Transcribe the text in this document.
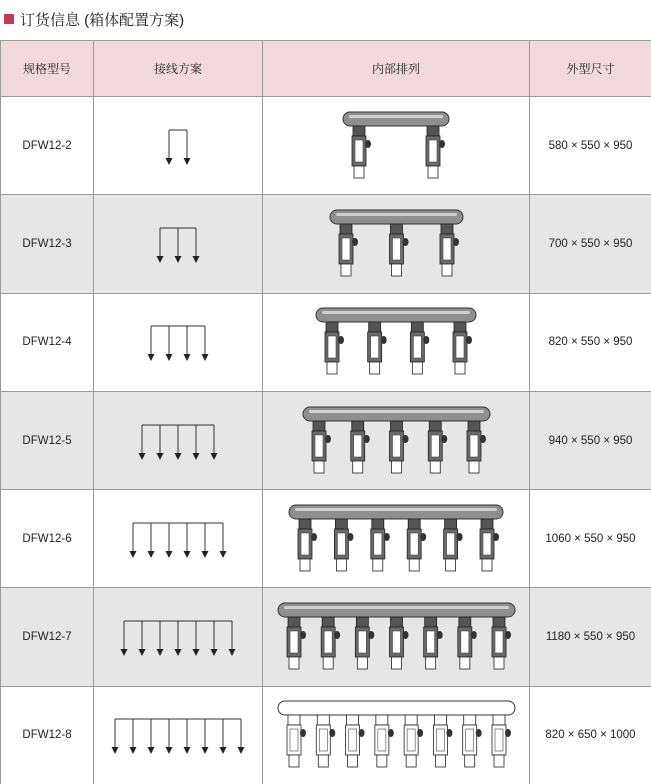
订货信息 (箱体配置方案)
规格型号	接线方案	内部排列	外型尺寸
DFW12-2			580 × 550 × 950
DFW12-3			700 × 550 × 950
DFW12-4			820 × 550 × 950
DFW12-5			940 × 550 × 950
DFW12-6			1060 × 550 × 950
DFW12-7			1180 × 550 × 950
DFW12-8			820 × 650 × 1000
